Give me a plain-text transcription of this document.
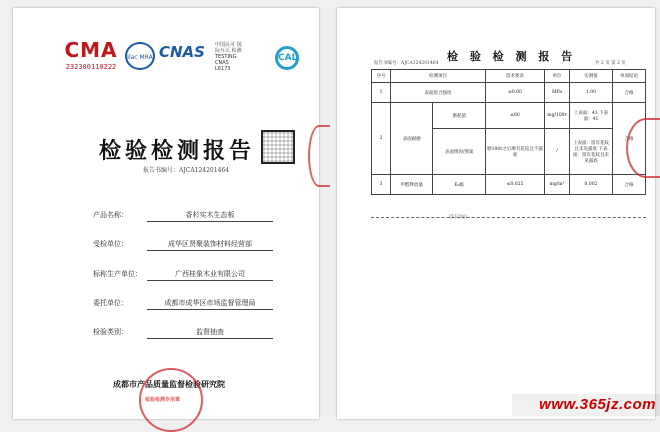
CMA
232300110222
ilac MRA CNAS 中国认可 国际互认 检测 TESTING CNAS L6173
CAL
检验检测报告
报告书编号：AJCA124201464
产品名称：	香杉实木生态板
受检单位：	成华区贤聚装饰材料经营部
标称生产单位：	广西桂象木业有限公司
委托单位：	成都市成华区市场监督管理局
检验类别：	监督抽查
成都市产品质量监督检验研究院
检 验 检 测 报 告
报告书编号：AJCA124201464	共 2 页 第 2 页
序号	检测项目		技术要求	单位	实测值	单项结论
1	表面胶合强度		≥0.60	MPa	1.00	合格
2	表面耐磨	磨耗值	≤80	mg/100r	上表面：43 下表面：41	合格
		表面情况/图案	磨100r之后磨有花纹且不露底	/	上表面：留有花纹且未见露底 下表面：留有花纹且未见露底	
3	甲醛释放量	E₀级	≤0.025	mg/m³	0.002	合格
以下空白
检验检测专用章	www.365jz.com
